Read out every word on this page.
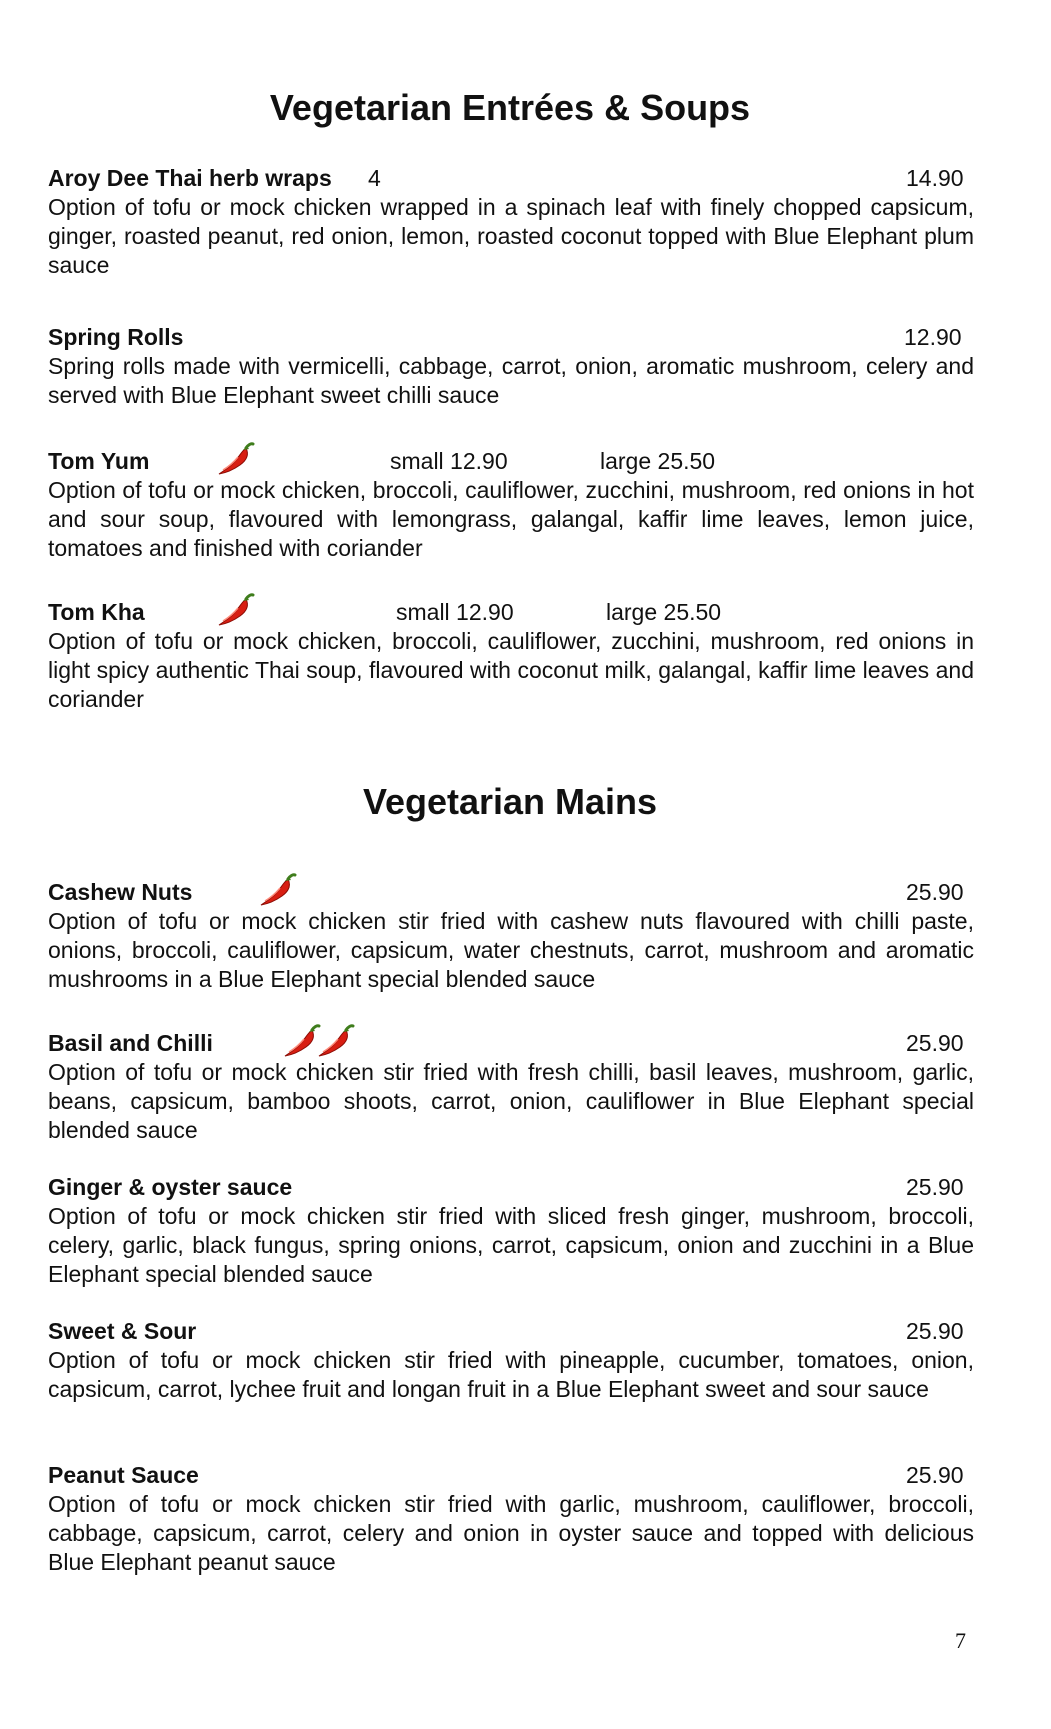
Vegetarian Entrées & Soups
Aroy Dee Thai herb wraps 4	14.90

Option of tofu or mock chicken wrapped in a spinach leaf with finely chopped capsicum, ginger, roasted peanut, red onion, lemon, roasted coconut topped with Blue Elephant plum sauce

Spring Rolls	12.90

Spring rolls made with vermicelli, cabbage, carrot, onion, aromatic mushroom, celery and served with Blue Elephant sweet chilli sauce

Tom Yum	small 12.90	large 25.50

Option of tofu or mock chicken, broccoli, cauliflower, zucchini, mushroom, red onions in hot and sour soup, flavoured with lemongrass, galangal, kaffir lime leaves, lemon juice, tomatoes and finished with coriander

Tom Kha	small 12.90	large 25.50

Option of tofu or mock chicken, broccoli, cauliflower, zucchini, mushroom, red onions in light spicy authentic Thai soup, flavoured with coconut milk, galangal, kaffir lime leaves and coriander

Vegetarian Mains
Cashew Nuts	25.90

Option of tofu or mock chicken stir fried with cashew nuts flavoured with chilli paste, onions, broccoli, cauliflower, capsicum, water chestnuts, carrot, mushroom and aromatic mushrooms in a Blue Elephant special blended sauce

Basil and Chilli	25.90

Option of tofu or mock chicken stir fried with fresh chilli, basil leaves, mushroom, garlic, beans, capsicum, bamboo shoots, carrot, onion, cauliflower in Blue Elephant special blended sauce

Ginger & oyster sauce	25.90

Option of tofu or mock chicken stir fried with sliced fresh ginger, mushroom, broccoli, celery, garlic, black fungus, spring onions, carrot, capsicum, onion and zucchini in a Blue Elephant special blended sauce

Sweet & Sour	25.90

Option of tofu or mock chicken stir fried with pineapple, cucumber, tomatoes, onion, capsicum, carrot, lychee fruit and longan fruit in a Blue Elephant sweet and sour sauce

Peanut Sauce	25.90

Option of tofu or mock chicken stir fried with garlic, mushroom, cauliflower, broccoli, cabbage, capsicum, carrot, celery and onion in oyster sauce and topped with delicious Blue Elephant peanut sauce

7
